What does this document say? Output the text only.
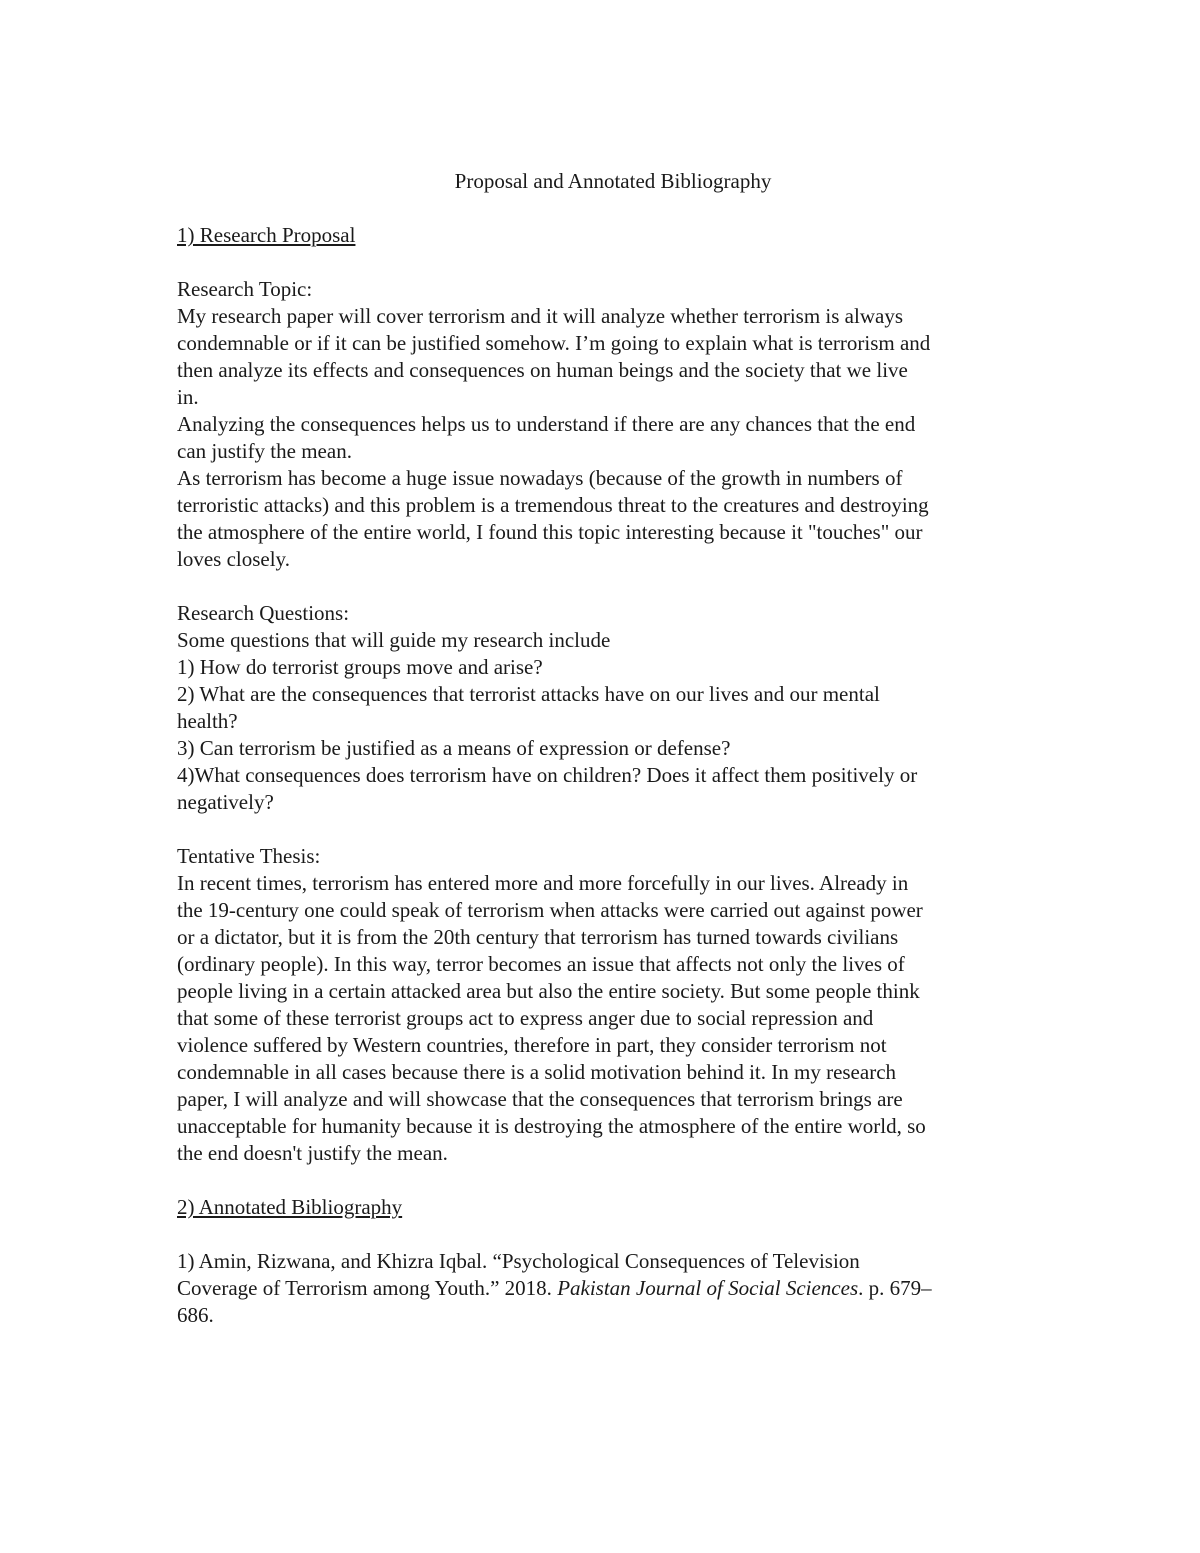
Proposal and Annotated Bibliography

1) Research Proposal

Research Topic:

My research paper will cover terrorism and it will analyze whether terrorism is always
condemnable or if it can be justified somehow. I’m going to explain what is terrorism and
then analyze its effects and consequences on human beings and the society that we live
in.
Analyzing the consequences helps us to understand if there are any chances that the end
can justify the mean.
As terrorism has become a huge issue nowadays (because of the growth in numbers of
terroristic attacks) and this problem is a tremendous threat to the creatures and destroying
the atmosphere of the entire world, I found this topic interesting because it "touches" our
loves closely.

Research Questions:

Some questions that will guide my research include
1) How do terrorist groups move and arise?
2) What are the consequences that terrorist attacks have on our lives and our mental
health?
3) Can terrorism be justified as a means of expression or defense?
4)What consequences does terrorism have on children? Does it affect them positively or
negatively?

Tentative Thesis:

In recent times, terrorism has entered more and more forcefully in our lives. Already in
the 19-century one could speak of terrorism when attacks were carried out against power
or a dictator, but it is from the 20th century that terrorism has turned towards civilians
(ordinary people). In this way, terror becomes an issue that affects not only the lives of
people living in a certain attacked area but also the entire society. But some people think
that some of these terrorist groups act to express anger due to social repression and
violence suffered by Western countries, therefore in part, they consider terrorism not
condemnable in all cases because there is a solid motivation behind it. In my research
paper, I will analyze and will showcase that the consequences that terrorism brings are
unacceptable for humanity because it is destroying the atmosphere of the entire world, so
the end doesn't justify the mean.

2) Annotated Bibliography

1) Amin, Rizwana, and Khizra Iqbal. “Psychological Consequences of Television
Coverage of Terrorism among Youth.” 2018. Pakistan Journal of Social Sciences. p. 679–
686.
